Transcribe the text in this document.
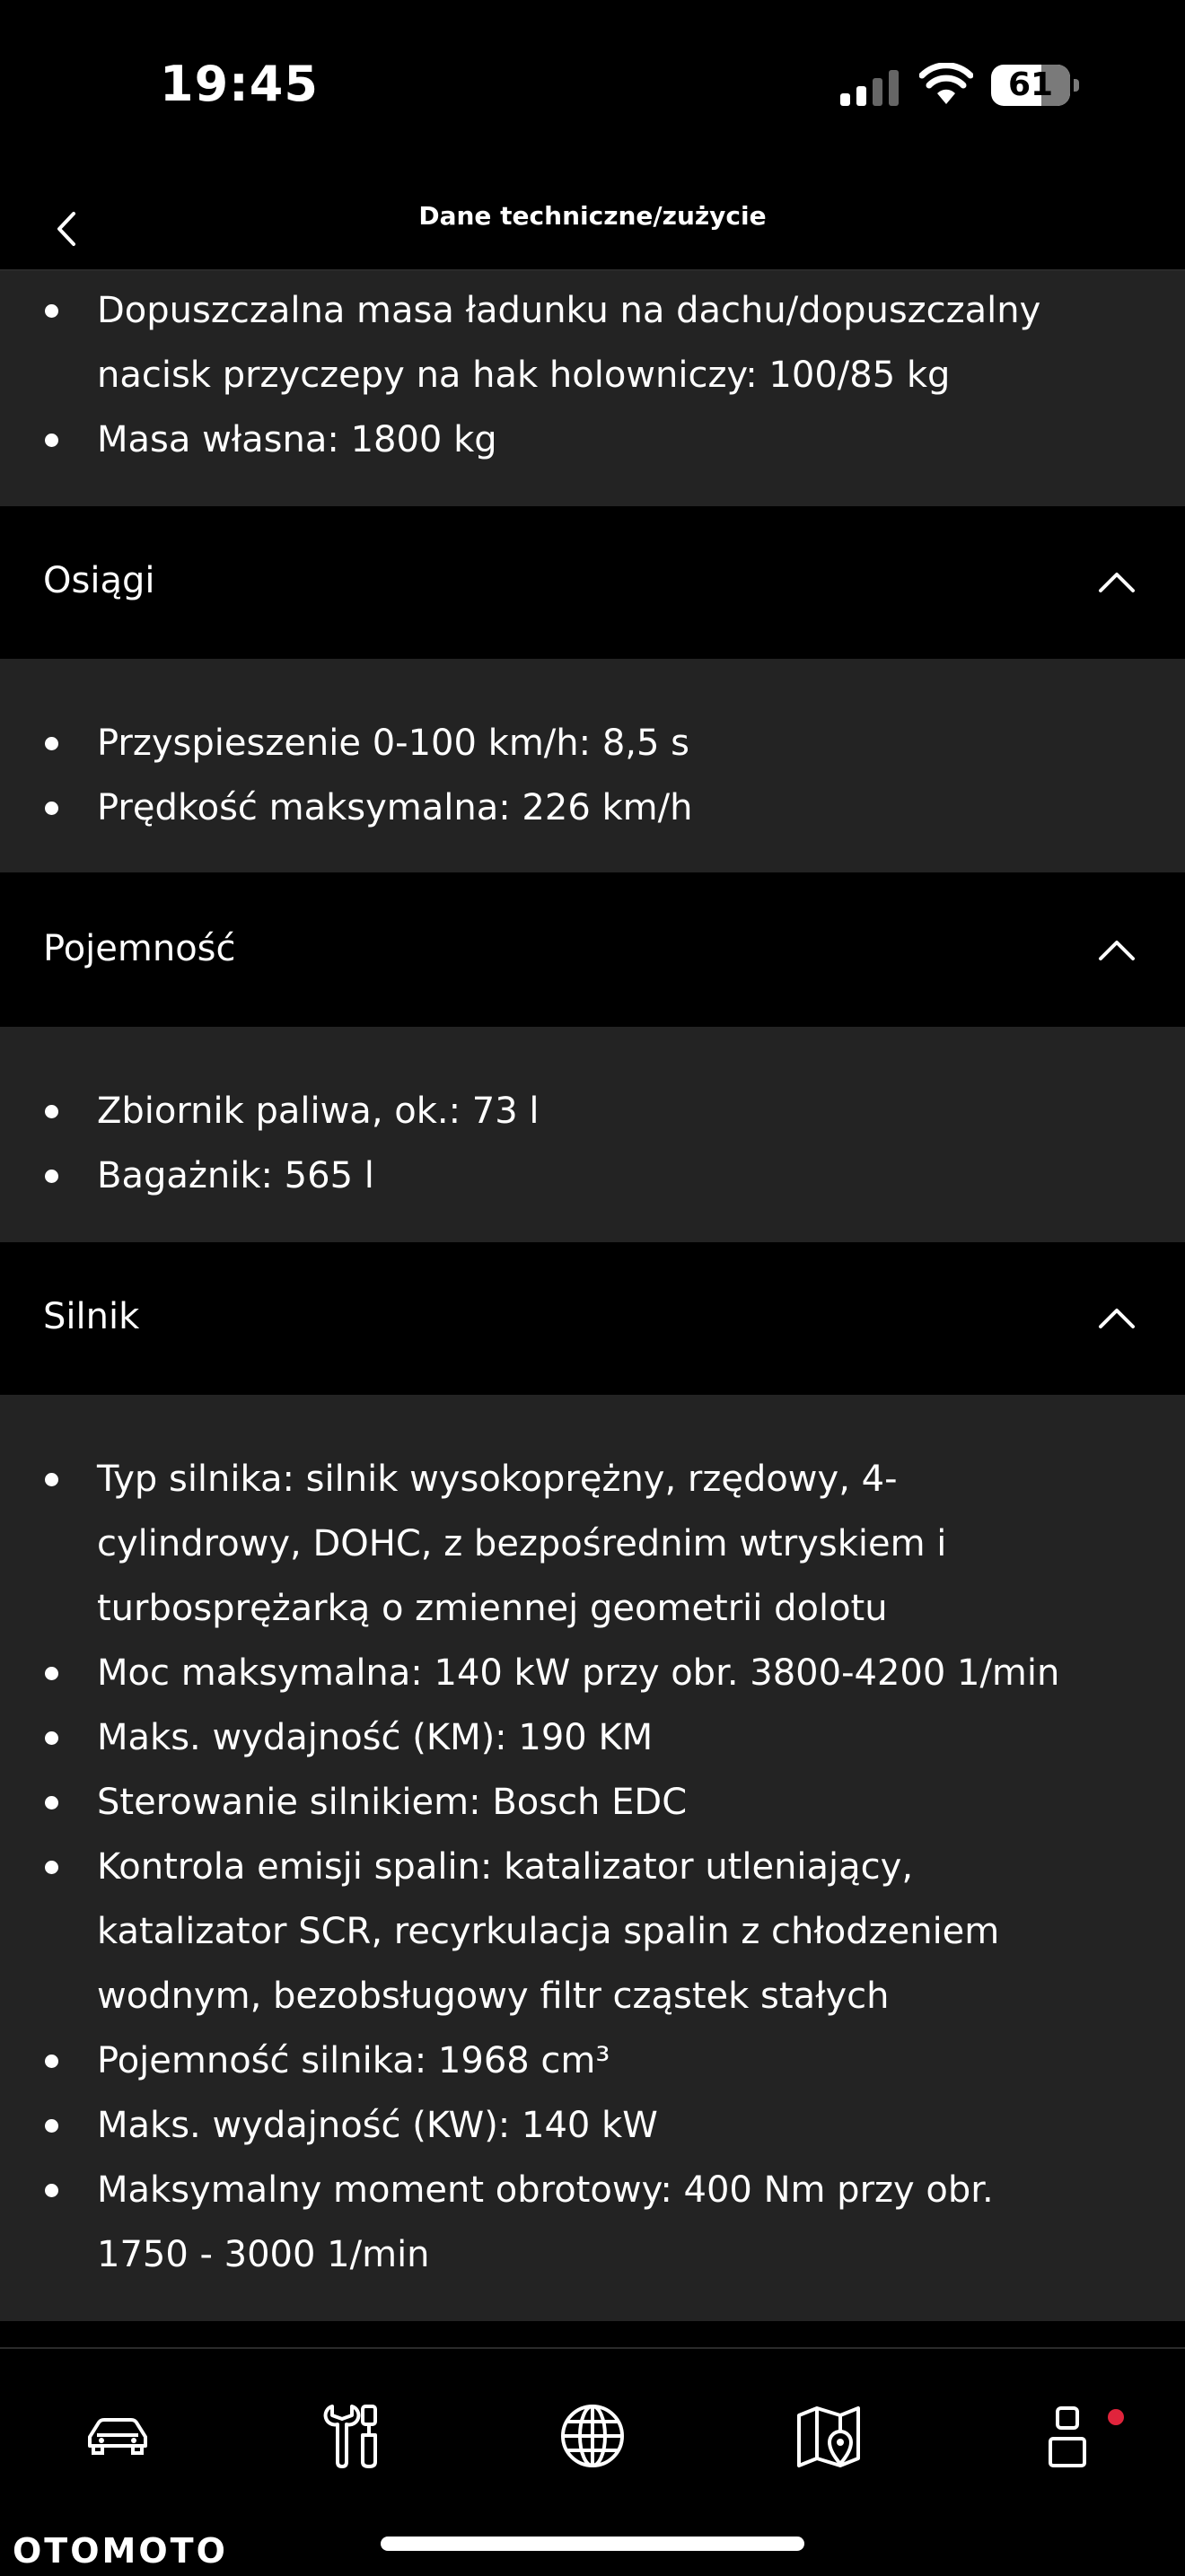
19:45	61
Dane techniczne/zużycie
Dopuszczalna masa ładunku na dachu/dopuszczalny nacisk przyczepy na hak holowniczy: 100/85 kg
Masa własna: 1800 kg
Osiągi
Przyspieszenie 0-100 km/h: 8,5 s
Prędkość maksymalna: 226 km/h
Pojemność
Zbiornik paliwa, ok.: 73 l
Bagażnik: 565 l
Silnik
Typ silnika: silnik wysokoprężny, rzędowy, 4-cylindrowy, DOHC, z bezpośrednim wtryskiem i turbosprężarką o zmiennej geometrii dolotu
Moc maksymalna: 140 kW przy obr. 3800-4200 1/min
Maks. wydajność (KM): 190 KM
Sterowanie silnikiem: Bosch EDC
Kontrola emisji spalin: katalizator utleniający, katalizator SCR, recyrkulacja spalin z chłodzeniem wodnym, bezobsługowy filtr cząstek stałych
Pojemność silnika: 1968 cm³
Maks. wydajność (KW): 140 kW
Maksymalny moment obrotowy: 400 Nm przy obr. 1750 - 3000 1/min
OTOMOTO
